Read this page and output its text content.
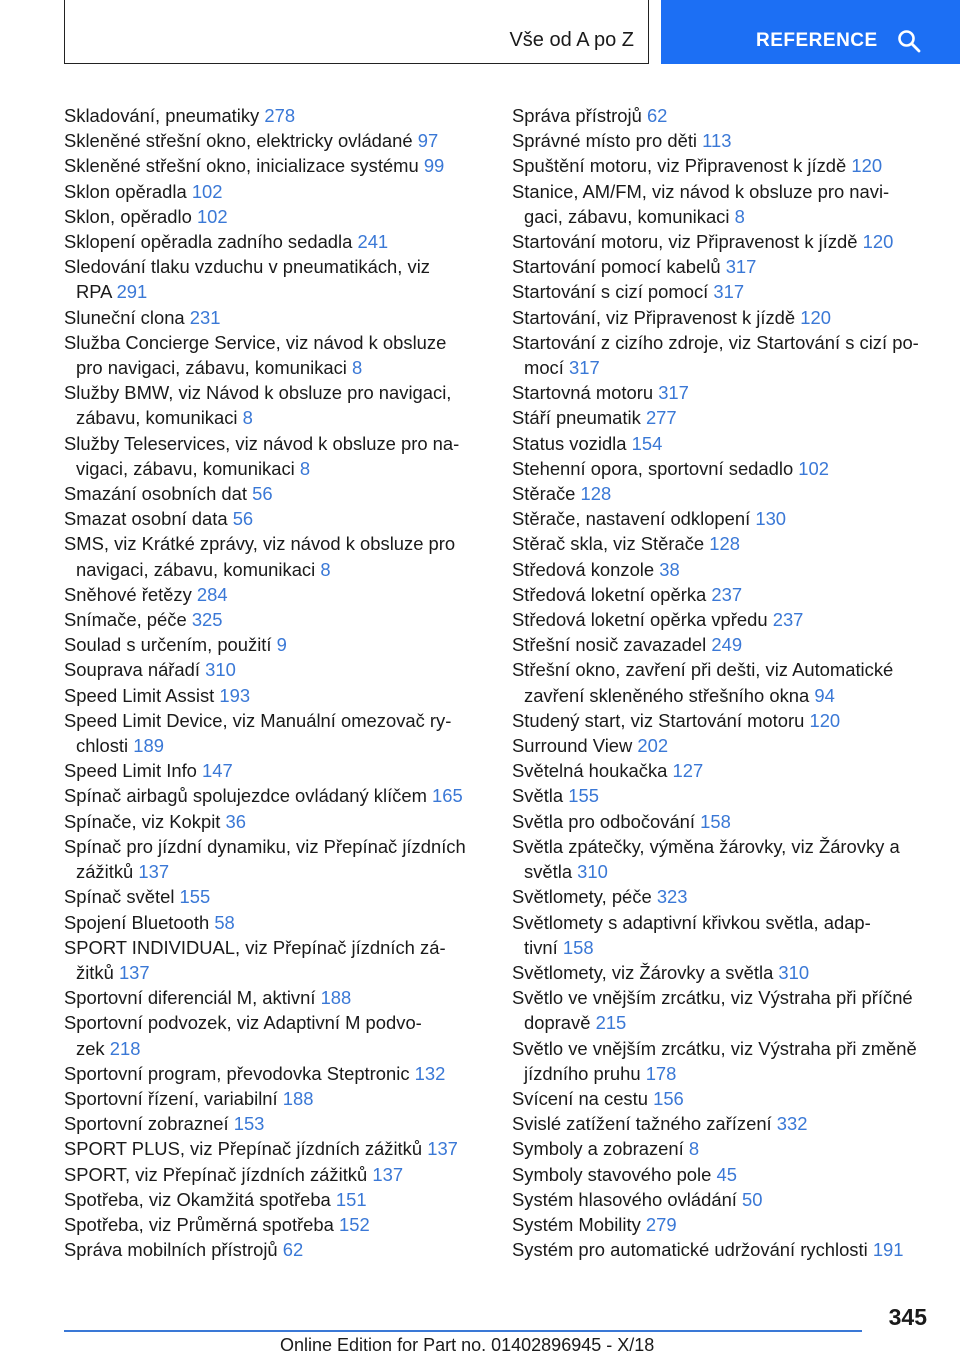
Vše od A po Z	REFERENCE
Skladování, pneumatiky 278
Skleněné střešní okno, elektricky ovládané 97
Skleněné střešní okno, inicializace systému 99
Sklon opěradla 102
Sklon, opěradlo 102
Sklopení opěradla zadního sedadla 241
Sledování tlaku vzduchu v pneumatikách, viz
RPA 291
Sluneční clona 231
Služba Concierge Service, viz návod k obsluze
pro navigaci, zábavu, komunikaci 8
Služby BMW, viz Návod k obsluze pro navigaci,
zábavu, komunikaci 8
Služby Teleservices, viz návod k obsluze pro na-
vigaci, zábavu, komunikaci 8
Smazání osobních dat 56
Smazat osobní data 56
SMS, viz Krátké zprávy, viz návod k obsluze pro
navigaci, zábavu, komunikaci 8
Sněhové řetězy 284
Snímače, péče 325
Soulad s určením, použití 9
Souprava nářadí 310
Speed Limit Assist 193
Speed Limit Device, viz Manuální omezovač ry-
chlosti 189
Speed Limit Info 147
Spínač airbagů spolujezdce ovládaný klíčem 165
Spínače, viz Kokpit 36
Spínač pro jízdní dynamiku, viz Přepínač jízdních
zážitků 137
Spínač světel 155
Spojení Bluetooth 58
SPORT INDIVIDUAL, viz Přepínač jízdních zá-
žitků 137
Sportovní diferenciál M, aktivní 188
Sportovní podvozek, viz Adaptivní M podvo-
zek 218
Sportovní program, převodovka Steptronic 132
Sportovní řízení, variabilní 188
Sportovní zobrazneí 153
SPORT PLUS, viz Přepínač jízdních zážitků 137
SPORT, viz Přepínač jízdních zážitků 137
Spotřeba, viz Okamžitá spotřeba 151
Spotřeba, viz Průměrná spotřeba 152
Správa mobilních přístrojů 62
Správa přístrojů 62
Správné místo pro děti 113
Spuštění motoru, viz Připravenost k jízdě 120
Stanice, AM/FM, viz návod k obsluze pro navi-
gaci, zábavu, komunikaci 8
Startování motoru, viz Připravenost k jízdě 120
Startování pomocí kabelů 317
Startování s cizí pomocí 317
Startování, viz Připravenost k jízdě 120
Startování z cizího zdroje, viz Startování s cizí po-
mocí 317
Startovná motoru 317
Stáří pneumatik 277
Status vozidla 154
Stehenní opora, sportovní sedadlo 102
Stěrače 128
Stěrače, nastavení odklopení 130
Stěrač skla, viz Stěrače 128
Středová konzole 38
Středová loketní opěrka 237
Středová loketní opěrka vpředu 237
Střešní nosič zavazadel 249
Střešní okno, zavření při dešti, viz Automatické
zavření skleněného střešního okna 94
Studený start, viz Startování motoru 120
Surround View 202
Světelná houkačka 127
Světla 155
Světla pro odbočování 158
Světla zpátečky, výměna žárovky, viz Žárovky a
světla 310
Světlomety, péče 323
Světlomety s adaptivní křivkou světla, adap-
tivní 158
Světlomety, viz Žárovky a světla 310
Světlo ve vnějším zrcátku, viz Výstraha při příčné
dopravě 215
Světlo ve vnějším zrcátku, viz Výstraha při změně
jízdního pruhu 178
Svícení na cestu 156
Svislé zatížení tažného zařízení 332
Symboly a zobrazení 8
Symboly stavového pole 45
Systém hlasového ovládání 50
Systém Mobility 279
Systém pro automatické udržování rychlosti 191
345
Online Edition for Part no. 01402896945 - X/18
